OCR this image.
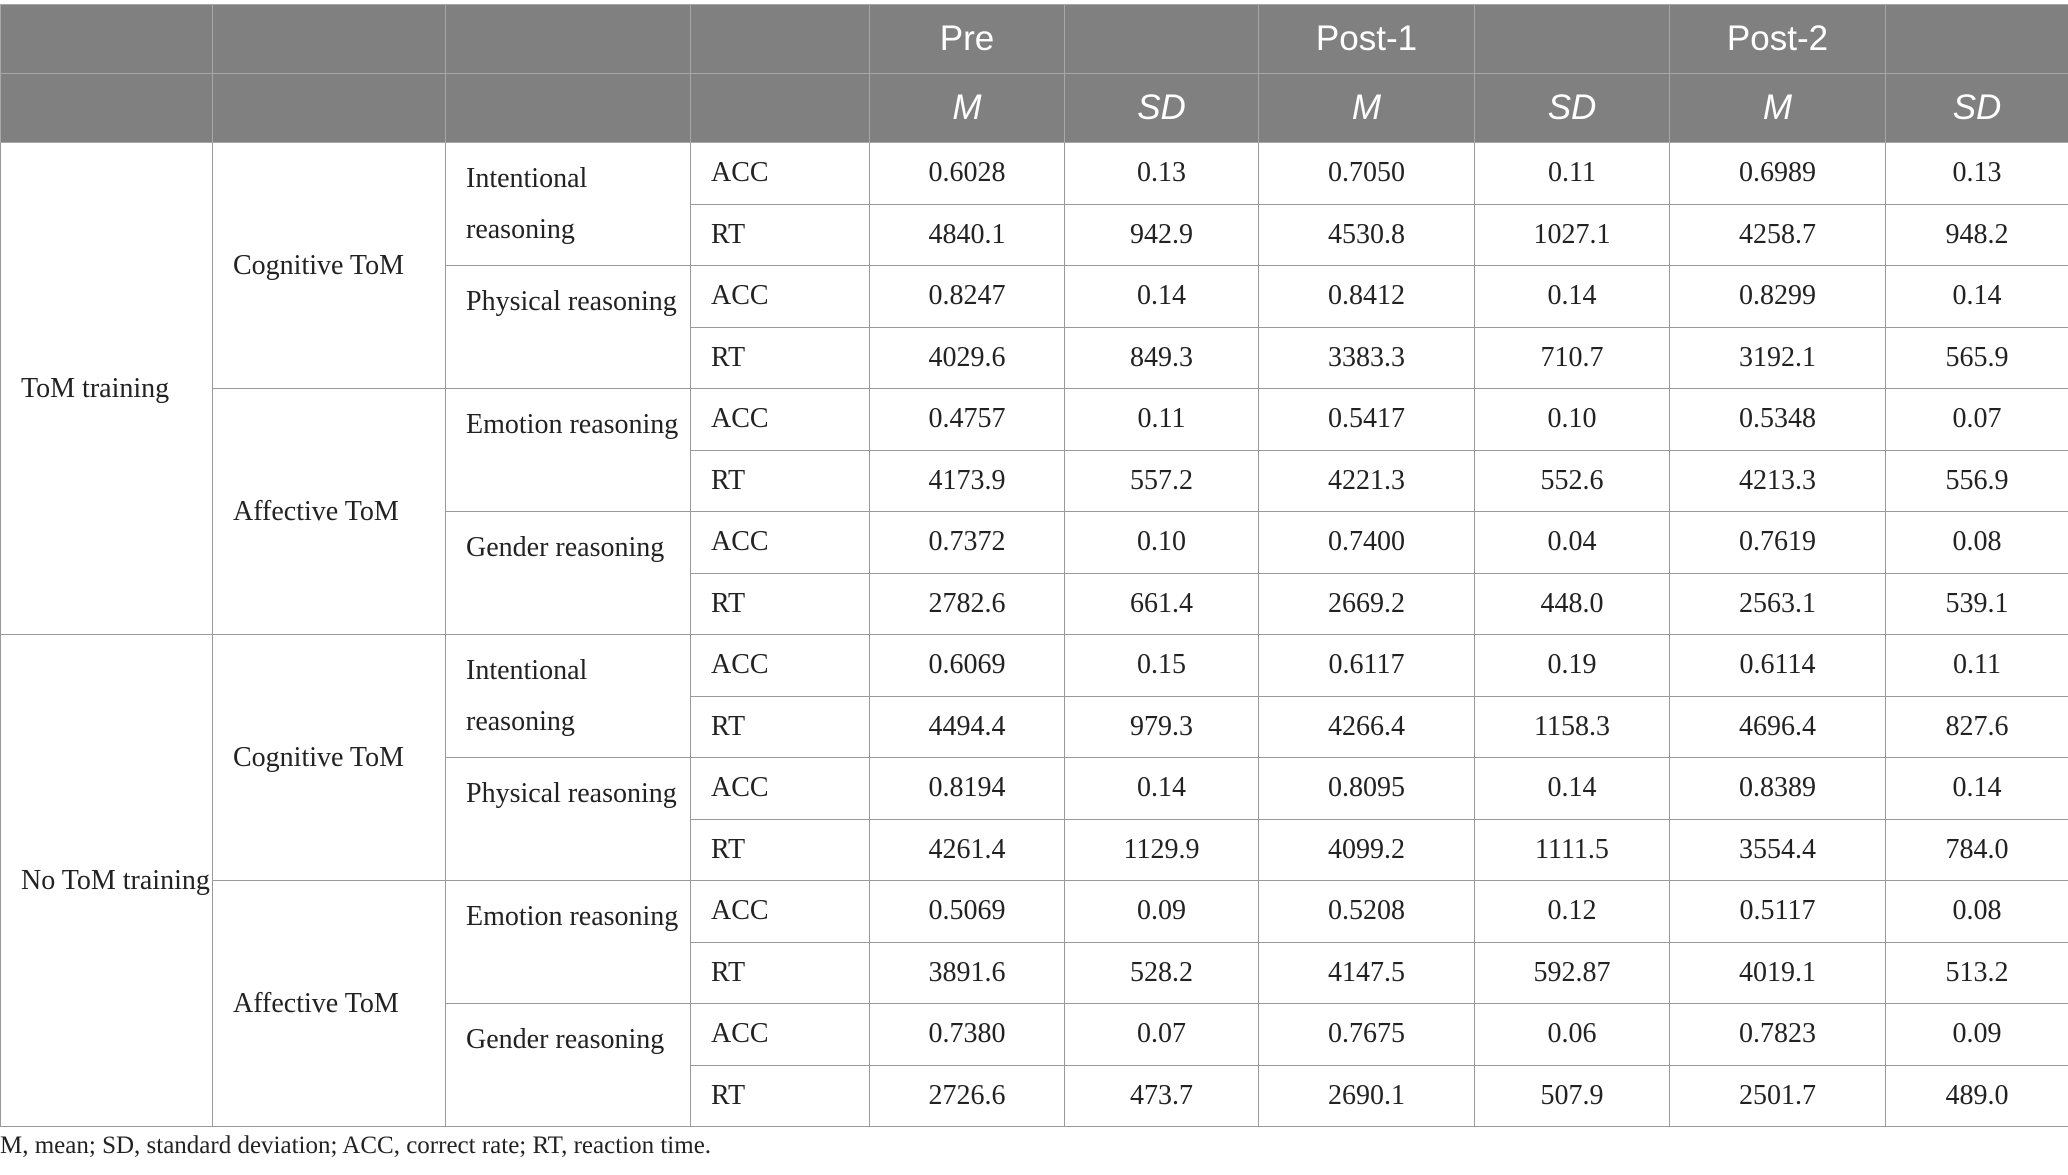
				Pre		Post-1		Post-2	
				M	SD	M	SD	M	SD
ToM training	Cognitive ToM	Intentional reasoning	ACC	0.6028	0.13	0.7050	0.11	0.6989	0.13
			RT	4840.1	942.9	4530.8	1027.1	4258.7	948.2
		Physical reasoning	ACC	0.8247	0.14	0.8412	0.14	0.8299	0.14
			RT	4029.6	849.3	3383.3	710.7	3192.1	565.9
	Affective ToM	Emotion reasoning	ACC	0.4757	0.11	0.5417	0.10	0.5348	0.07
			RT	4173.9	557.2	4221.3	552.6	4213.3	556.9
		Gender reasoning	ACC	0.7372	0.10	0.7400	0.04	0.7619	0.08
			RT	2782.6	661.4	2669.2	448.0	2563.1	539.1
No ToM training	Cognitive ToM	Intentional reasoning	ACC	0.6069	0.15	0.6117	0.19	0.6114	0.11
			RT	4494.4	979.3	4266.4	1158.3	4696.4	827.6
		Physical reasoning	ACC	0.8194	0.14	0.8095	0.14	0.8389	0.14
			RT	4261.4	1129.9	4099.2	1111.5	3554.4	784.0
	Affective ToM	Emotion reasoning	ACC	0.5069	0.09	0.5208	0.12	0.5117	0.08
			RT	3891.6	528.2	4147.5	592.87	4019.1	513.2
		Gender reasoning	ACC	0.7380	0.07	0.7675	0.06	0.7823	0.09
			RT	2726.6	473.7	2690.1	507.9	2501.7	489.0
M, mean; SD, standard deviation; ACC, correct rate; RT, reaction time.
